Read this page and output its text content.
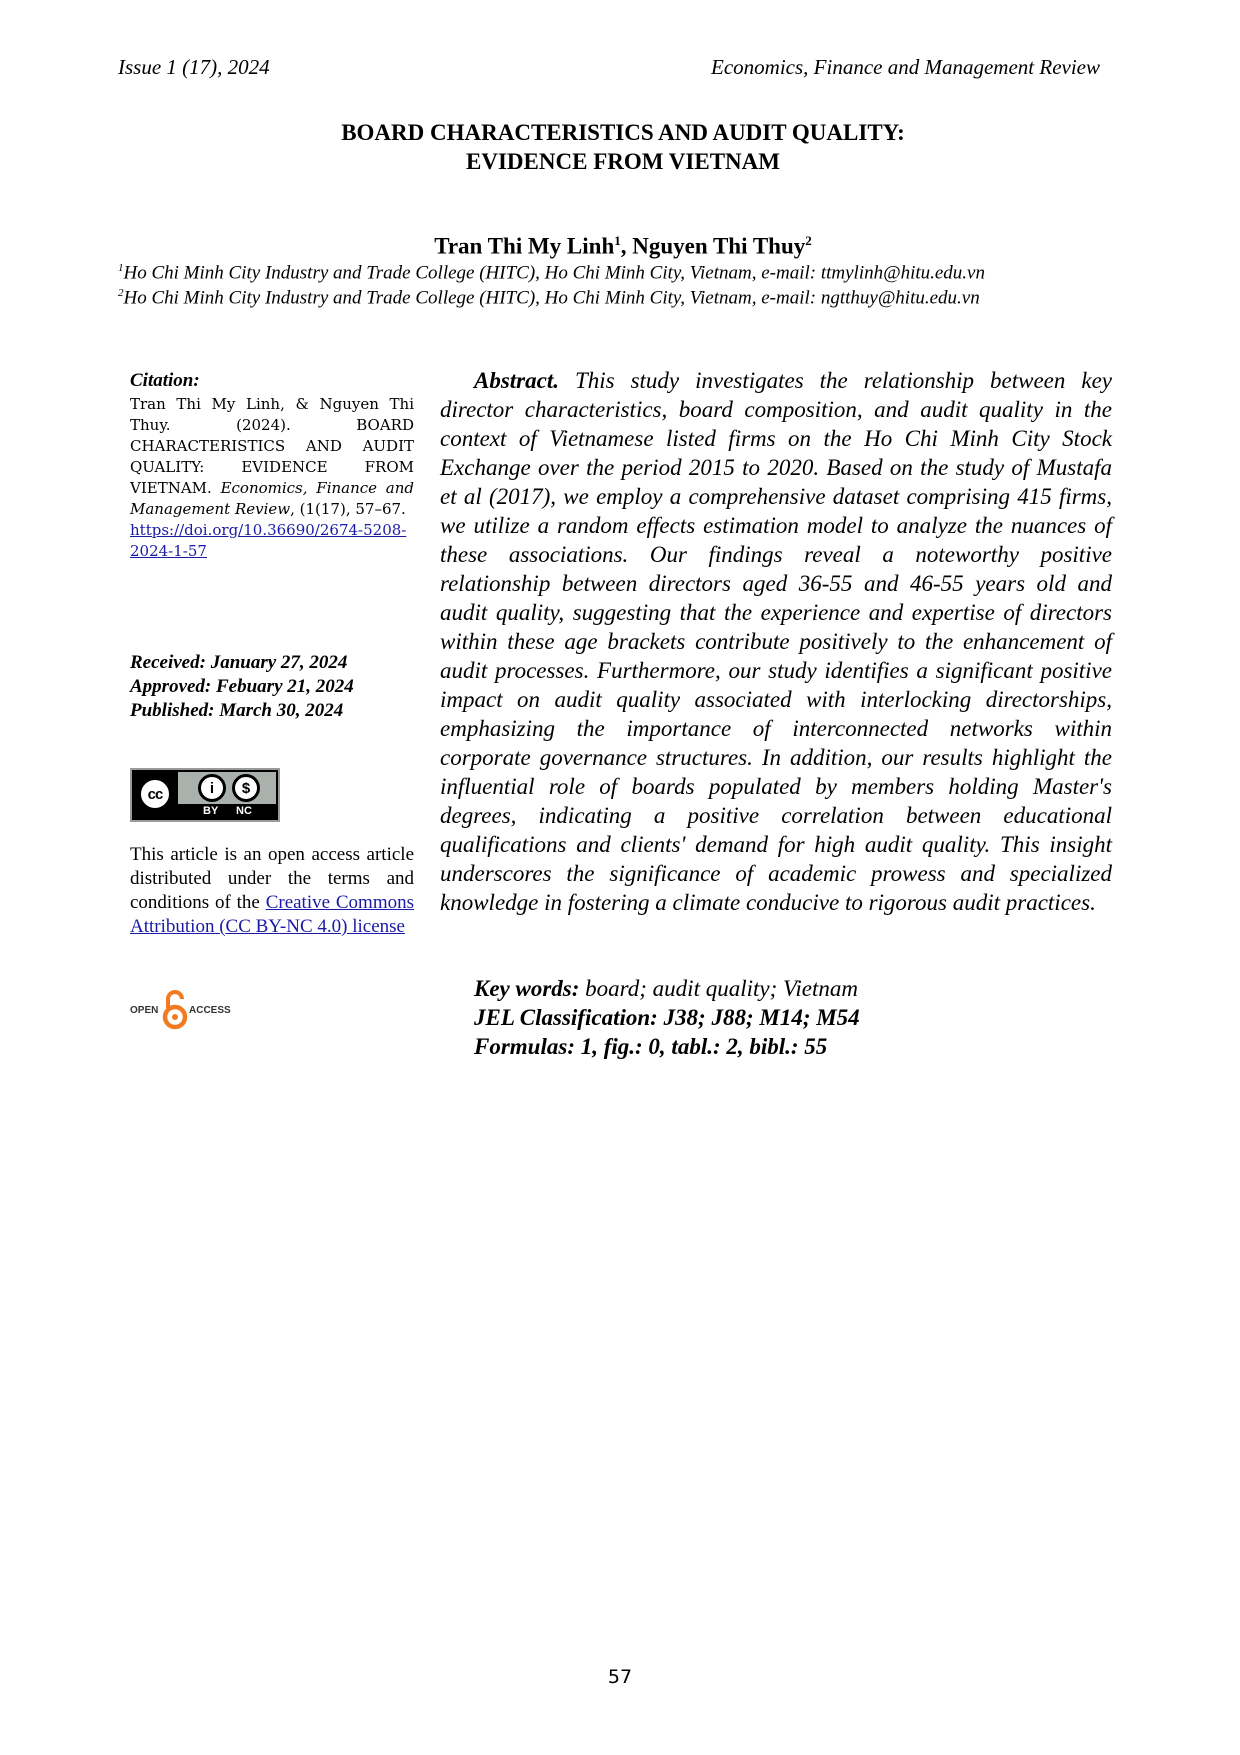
Issue 1 (17), 2024	Economics, Finance and Management Review
BOARD CHARACTERISTICS AND AUDIT QUALITY:
EVIDENCE FROM VIETNAM
Tran Thi My Linh$^1$, Nguyen Thi Thuy$^2$
$^1$Ho Chi Minh City Industry and Trade College (HITC), Ho Chi Minh City, Vietnam, e-mail: ttmylinh@hitu.edu.vn
$^2$Ho Chi Minh City Industry and Trade College (HITC), Ho Chi Minh City, Vietnam, e-mail: ngtthuy@hitu.edu.vn
Citation:
Tran Thi My Linh, & Nguyen Thi Thuy. (2024). BOARD CHARACTERISTICS AND AUDIT QUALITY: EVIDENCE FROM VIETNAM. Economics, Finance and Management Review, (1(17), 57–67.
https://doi.org/10.36690/2674-5208-2024-1-57
Received: January 27, 2024
Approved: Febuary 21, 2024
Published: March 30, 2024
cc	i	$
BY NC
This article is an open access article distributed under the terms and conditions of the Creative Commons Attribution (CC BY-NC 4.0) license
OPEN	ACCESS

Abstract. This study investigates the relationship between key director characteristics, board composition, and audit quality in the context of Vietnamese listed firms on the Ho Chi Minh City Stock Exchange over the period 2015 to 2020. Based on the study of Mustafa et al (2017), we employ a comprehensive dataset comprising 415 firms, we utilize a random effects estimation model to analyze the nuances of these associations. Our findings reveal a noteworthy positive relationship between directors aged 36-55 and 46-55 years old and audit quality, suggesting that the experience and expertise of directors within these age brackets contribute positively to the enhancement of audit processes. Furthermore, our study identifies a significant positive impact on audit quality associated with interlocking directorships, emphasizing the importance of interconnected networks within corporate governance structures. In addition, our results highlight the influential role of boards populated by members holding Master's degrees, indicating a positive correlation between educational qualifications and clients' demand for high audit quality. This insight underscores the significance of academic prowess and specialized knowledge in fostering a climate conducive to rigorous audit practices.

Key words: board; audit quality; Vietnam
JEL Classification: J38; J88; M14; M54
Formulas: 1, fig.: 0, tabl.: 2, bibl.: 55
57
